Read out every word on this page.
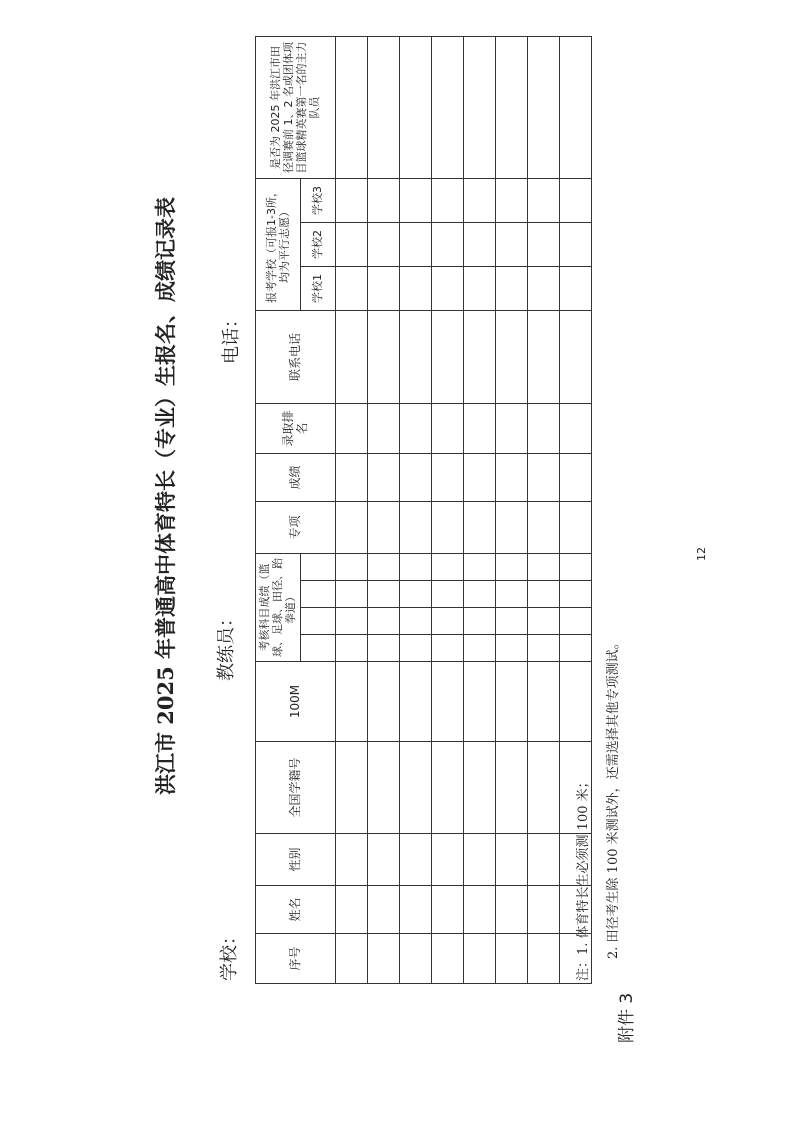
附件 3
洪江市 2025 年普通高中体育特长（专业）生报名、成绩记录表
学校：
教练员：
电话：
序号	姓名	性别	全国学籍号	100M	考核科目成绩（篮球、足球、田径、跆拳道）				专项	成绩	录取排名	联系电话	报考学校（可报1-3所，均为平行志愿）			是否为 2025 年洪江市田径调赛前 1、2 名或团体项目篮球精英赛第一名的主力队员
													学校1	学校2	学校3	

注：1. 体育特长生必须测 100 米；	2. 田径考生除 100 米测试外，还需选择其他专项测试。
12
